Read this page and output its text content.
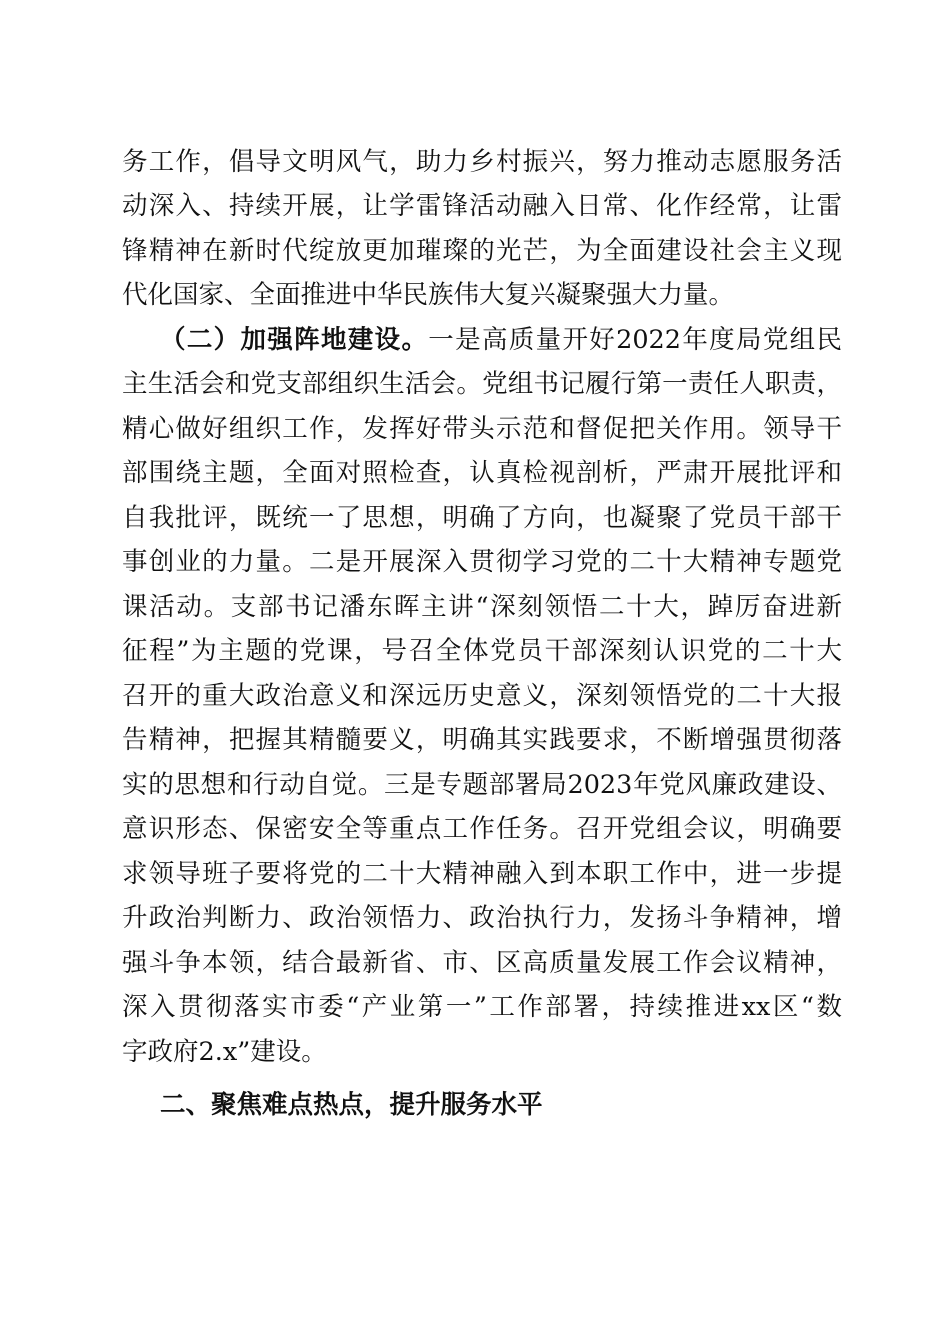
务工作，倡导文明风气，助力乡村振兴，努力推动志愿服务活
动深入、持续开展，让学雷锋活动融入日常、化作经常，让雷
锋精神在新时代绽放更加璀璨的光芒，为全面建设社会主义现
代化国家、全面推进中华民族伟大复兴凝聚强大力量。
（二）加强阵地建设。一是高质量开好2022年度局党组民
主生活会和党支部组织生活会。党组书记履行第一责任人职责，
精心做好组织工作，发挥好带头示范和督促把关作用。领导干
部围绕主题，全面对照检查，认真检视剖析，严肃开展批评和
自我批评，既统一了思想，明确了方向，也凝聚了党员干部干
事创业的力量。二是开展深入贯彻学习党的二十大精神专题党
课活动。支部书记潘东晖主讲“深刻领悟二十大，踔厉奋进新
征程”为主题的党课，号召全体党员干部深刻认识党的二十大
召开的重大政治意义和深远历史意义，深刻领悟党的二十大报
告精神，把握其精髓要义，明确其实践要求，不断增强贯彻落
实的思想和行动自觉。三是专题部署局2023年党风廉政建设、
意识形态、保密安全等重点工作任务。召开党组会议，明确要
求领导班子要将党的二十大精神融入到本职工作中，进一步提
升政治判断力、政治领悟力、政治执行力，发扬斗争精神，增
强斗争本领，结合最新省、市、区高质量发展工作会议精神，
深入贯彻落实市委“产业第一”工作部署，持续推进xx区“数
字政府2.x”建设。
二、聚焦难点热点，提升服务水平
